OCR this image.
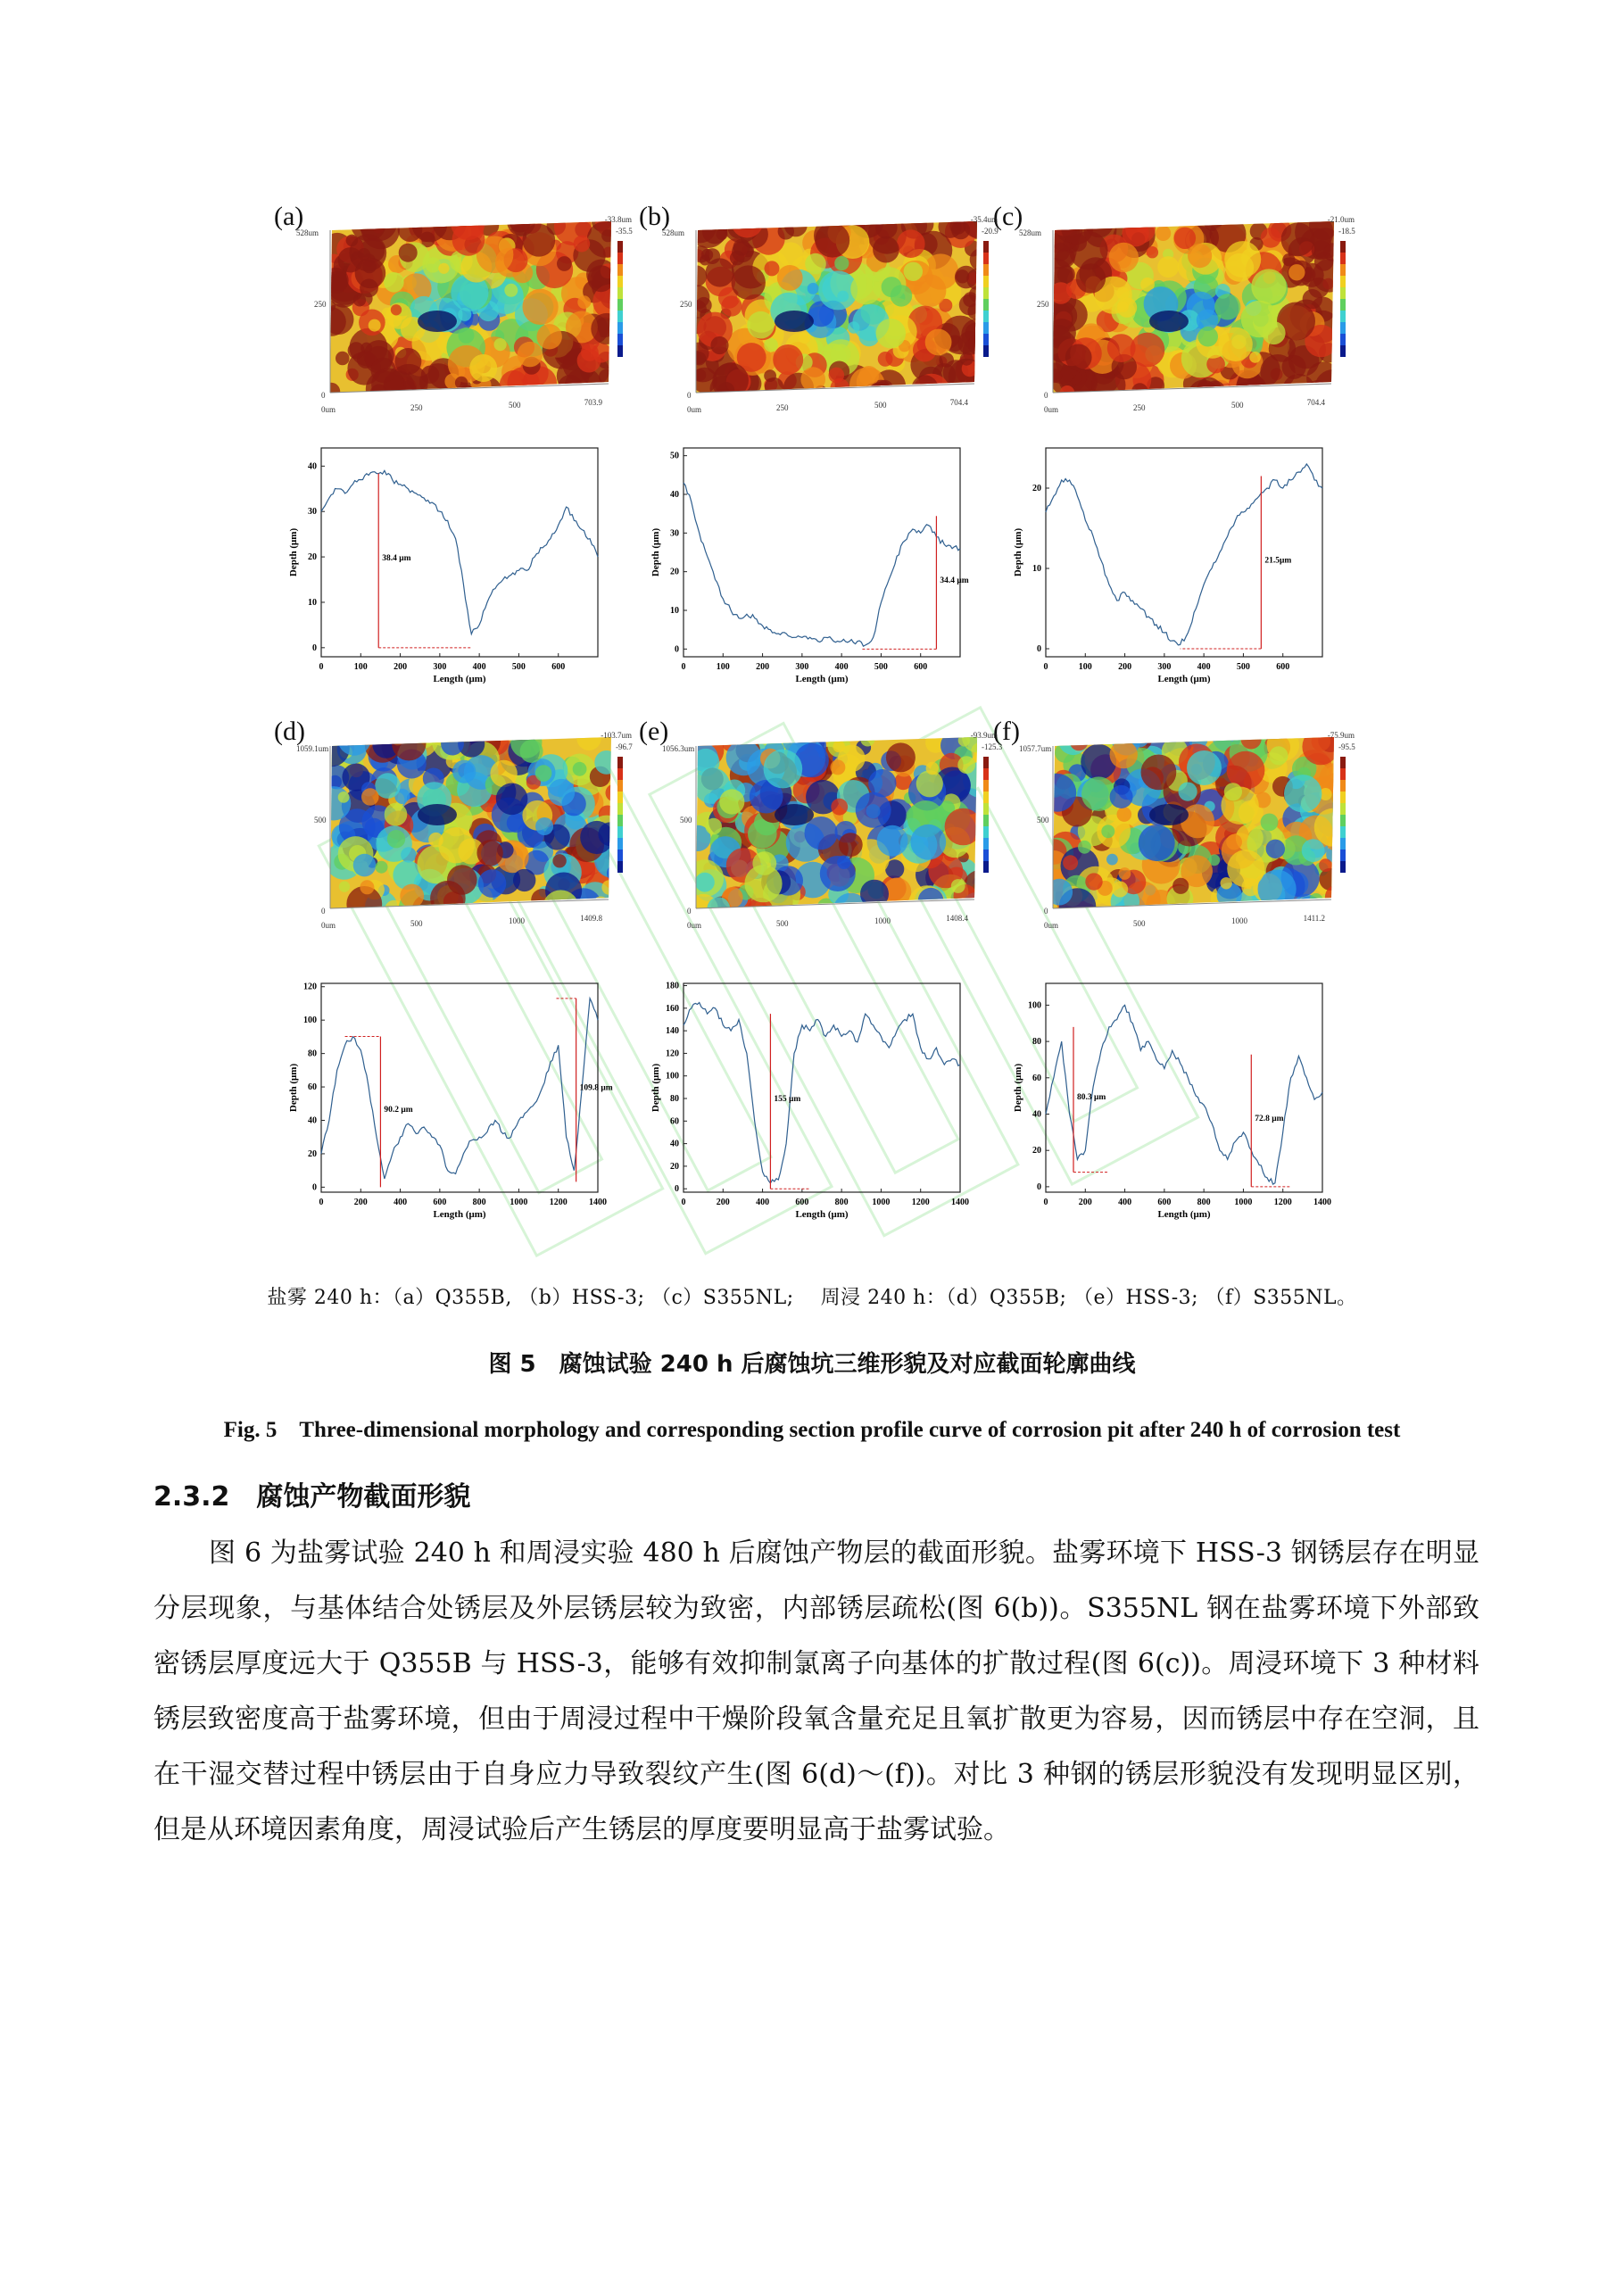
(a)	(b)	(c)
(d)	(e)	(f)
528um
250
0
0um	250	500	703.9
-33.8um
-35.5	528um
250
0
0um	250	500	704.4
-35.4um
-20.9	528um
250
0
0um	250	500	704.4
-21.0um
-18.5
1059.1um
500
0
0um	500	1000	1409.8
-103.7um
-96.7	1056.3um
500
0
0um	500	1000	1408.4
-93.9um
-125.3 1057.7um
500
0
0um	500	1000	1411.2
-75.9um
-95.5
0	100	200	300	400	500	600
0
10
20
30
40
Length (μm)
Depth (μm)	38.4 μm
0	100	200	300	400	500	600
0
10
20
30
40
50
Length (μm)
Depth (μm)
34.4 μm
0	100	200	300	400	500	600
0
10
20
Length (μm)
Depth (μm)	21.5μm
0	200	400	600	800	1000 1200 1400
0
20
40
60
80
100
120
Length (μm)
Depth (μm)	90.2 μm
109.8 μm
0	200	400	600	800	1000 1200 1400
0
20
40
60
80
100
120
140
160
180
Length (μm)
Depth (μm)	155 μm
0	200	400	600	800	1000 1200 1400
0
20
40
60
80
100
Length (μm)
Depth (μm)	80.3 μm
72.8 μm
盐雾 240 h：（a）Q355B, （b）HSS-3; （c）S355NL; 　周浸 240 h：（d）Q355B; （e）HSS-3; （f）S355NL。
图 5　腐蚀试验 240 h 后腐蚀坑三维形貌及对应截面轮廓曲线
Fig. 5　Three-dimensional morphology and corresponding section profile curve of corrosion pit after 240 h of corrosion test
2.3.2　腐蚀产物截面形貌
图 6 为盐雾试验 240 h 和周浸实验 480 h 后腐蚀产物层的截面形貌。盐雾环境下 HSS-3 钢锈层存在明显分层现象，与基体结合处锈层及外层锈层较为致密，内部锈层疏松(图 6(b))。S355NL 钢在盐雾环境下外部致密锈层厚度远大于 Q355B 与 HSS-3，能够有效抑制氯离子向基体的扩散过程(图 6(c))。周浸环境下 3 种材料锈层致密度高于盐雾环境，但由于周浸过程中干燥阶段氧含量充足且氧扩散更为容易，因而锈层中存在空洞，且在干湿交替过程中锈层由于自身应力导致裂纹产生(图 6(d)～(f))。对比 3 种钢的锈层形貌没有发现明显区别，但是从环境因素角度，周浸试验后产生锈层的厚度要明显高于盐雾试验。
